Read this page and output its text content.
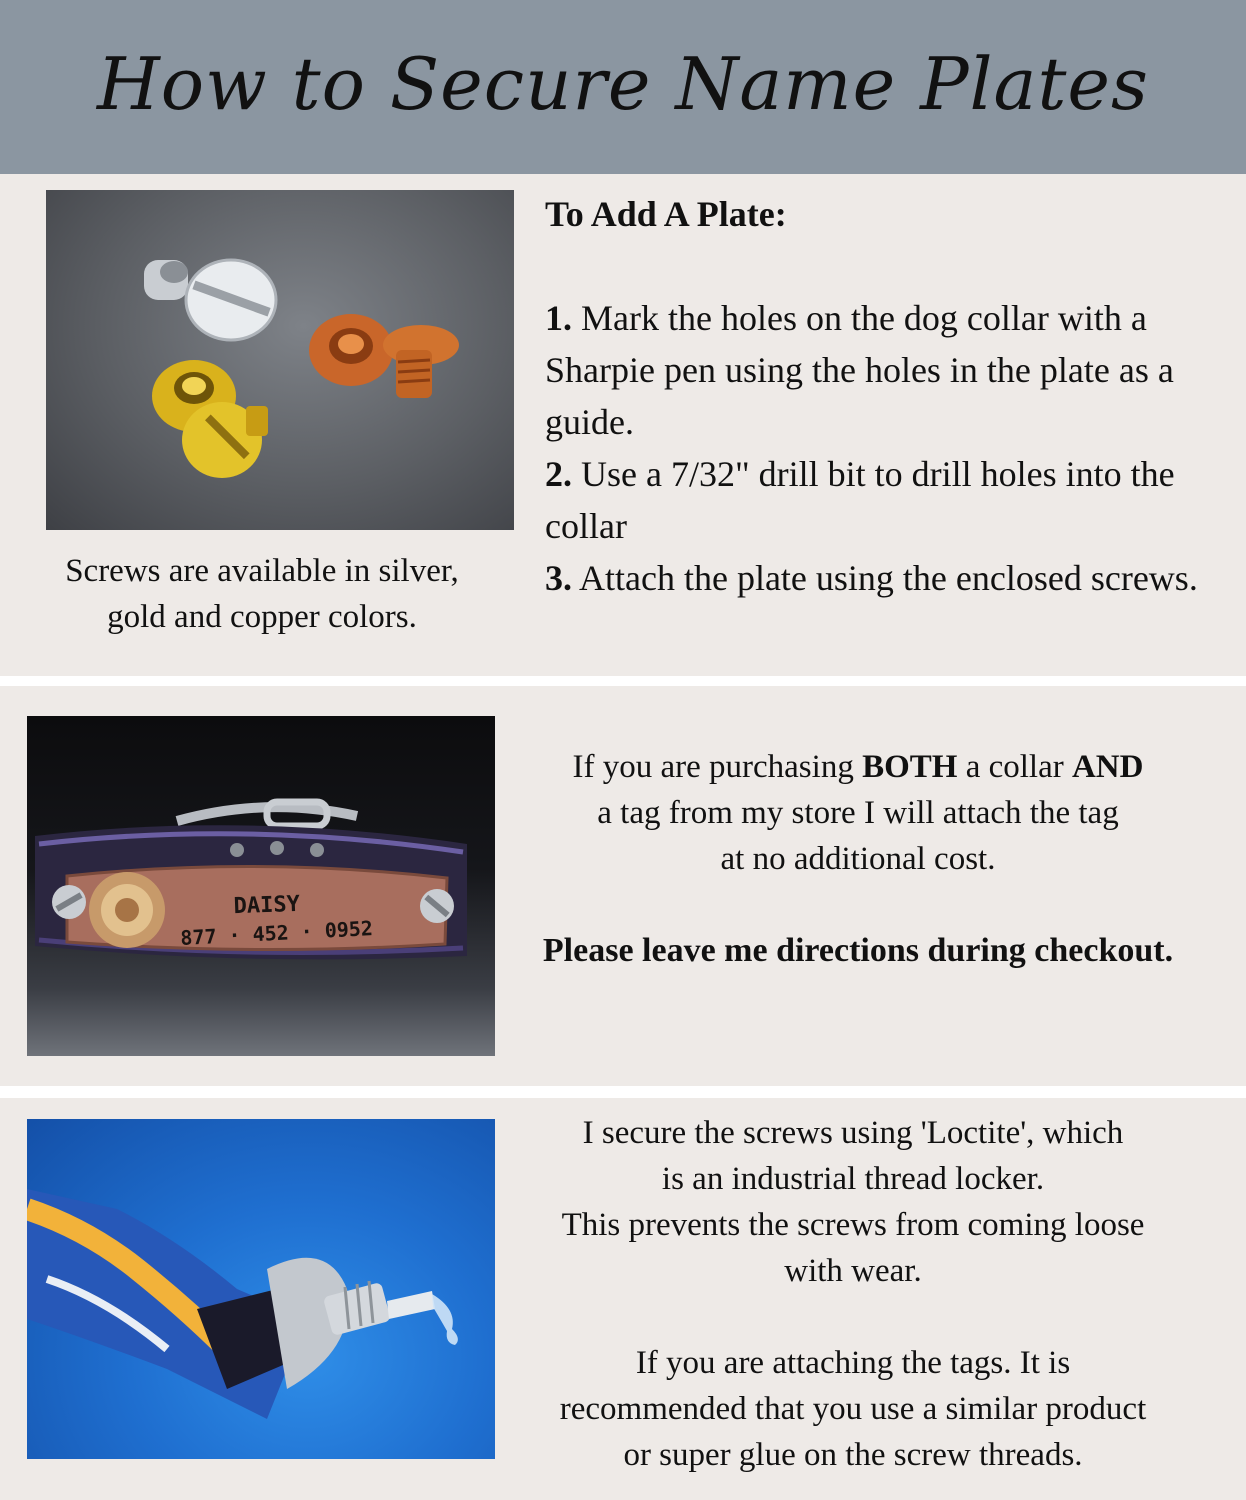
How to Secure Name Plates
Screws are available in silver,
gold and copper colors.
To Add A Plate:
1. Mark the holes on the dog collar with a Sharpie pen using the holes in the plate as a guide.
2. Use a 7/32" drill bit to drill holes into the collar
3. Attach the plate using the enclosed screws.
DAISY
877 · 452 · 0952
If you are purchasing BOTH a collar AND
a tag from my store I will attach the tag
at no additional cost.
Please leave me directions during checkout.
I secure the screws using 'Loctite', which
is an industrial thread locker.
This prevents the screws from coming loose
with wear.
If you are attaching the tags. It is
recommended that you use a similar product
or super glue on the screw threads.
